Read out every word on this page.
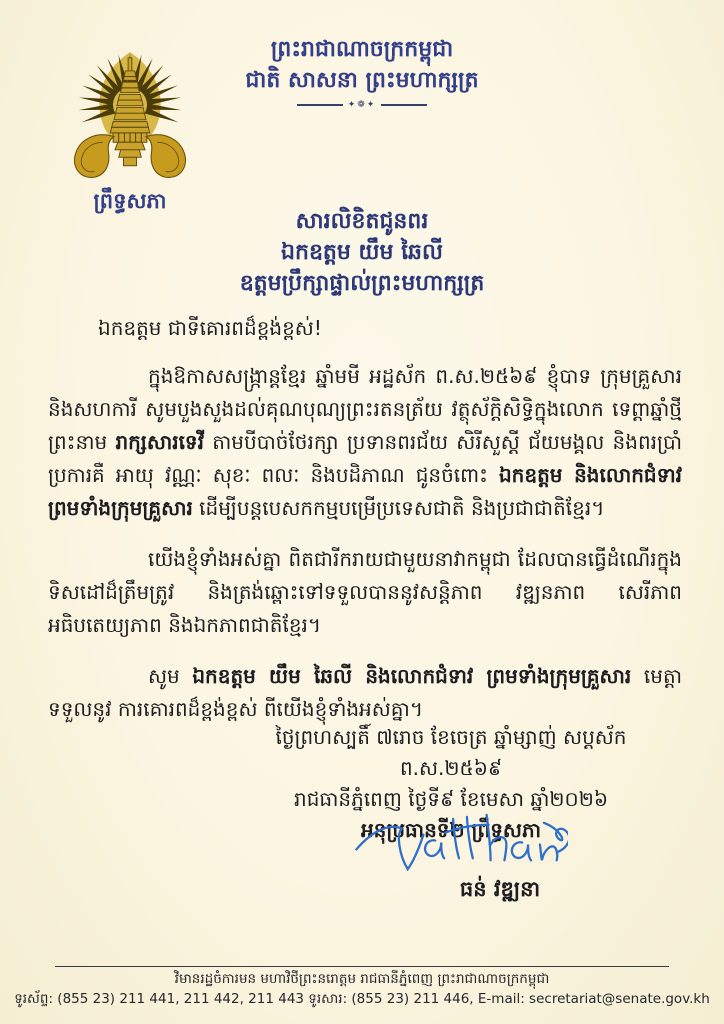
ព្រះរាជាណាចក្រកម្ពុជា
ជាតិ សាសនា ព្រះមហាក្សត្រ
✦❁✦
ព្រឹទ្ធសភា
សារលិខិតជូនពរ
ឯកឧត្តម យឹម ឆៃលី
ឧត្តមប្រឹក្សាផ្ទាល់ព្រះមហាក្សត្រ
ឯកឧត្តម ជាទីគោរពដ៏ខ្ពង់ខ្ពស់!

ក្នុងឱកាសសង្ក្រាន្តខ្មែរ ឆ្នាំមមី អដ្ឋស័ក ព.ស.២៥៦៩ ខ្ញុំបាទ ក្រុមគ្រួសារ និងសហការី សូមបួងសួងដល់គុណបុណ្យព្រះរតនត្រ័យ វត្ថុស័ក្តិសិទ្ធិក្នុងលោក ទេព្តាឆ្នាំថ្មី ព្រះនាម រាក្សសារទេវី តាមបីបាច់ថែរក្សា ប្រទានពរជ័យ សិរីសួស្ដី ជ័យមង្គល និងពរប្រាំប្រការគឺ អាយុ វណ្ណៈ សុខៈ ពលៈ និងបដិភាណ ជូនចំពោះ ឯកឧត្តម និងលោកជំទាវ ព្រមទាំងក្រុមគ្រួសារ ដើម្បីបន្តបេសកកម្មបម្រើប្រទេសជាតិ និងប្រជាជាតិខ្មែរ។

យើងខ្ញុំទាំងអស់គ្នា ពិតជារីករាយជាមួយនាវាកម្ពុជា ដែលបានធ្វើដំណើរក្នុងទិសដៅដ៏ត្រឹមត្រូវ និងត្រង់ឆ្ពោះទៅទទួលបាននូវសន្តិភាព វឌ្ឍនភាព សេរីភាព អធិបតេយ្យភាព និងឯកភាពជាតិខ្មែរ។

សូម ឯកឧត្តម យឹម ឆៃលី និងលោកជំទាវ ព្រមទាំងក្រុមគ្រួសារ មេត្តាទទួលនូវ ការគោរពដ៏ខ្ពង់ខ្ពស់ ពីយើងខ្ញុំទាំងអស់គ្នា។

ថ្ងៃព្រហស្បតិ៍ ៧រោច ខែចេត្រ ឆ្នាំម្សាញ់ សប្តស័ក ព.ស.២៥៦៩
រាជធានីភ្នំពេញ ថ្ងៃទី៩ ខែមេសា ឆ្នាំ២០២៦
អនុប្រធានទី២ ព្រឹទ្ធសភា
ធន់ វឌ្ឍនា
វិមានរដ្ឋចំការមន មហាវិថីព្រះនរោត្តម រាជធានីភ្នំពេញ ព្រះរាជាណាចក្រកម្ពុជា
ទូរស័ព្ទ: (855 23) 211 441, 211 442, 211 443 ទូរសារ: (855 23) 211 446, E-mail: secretariat@senate.gov.kh
